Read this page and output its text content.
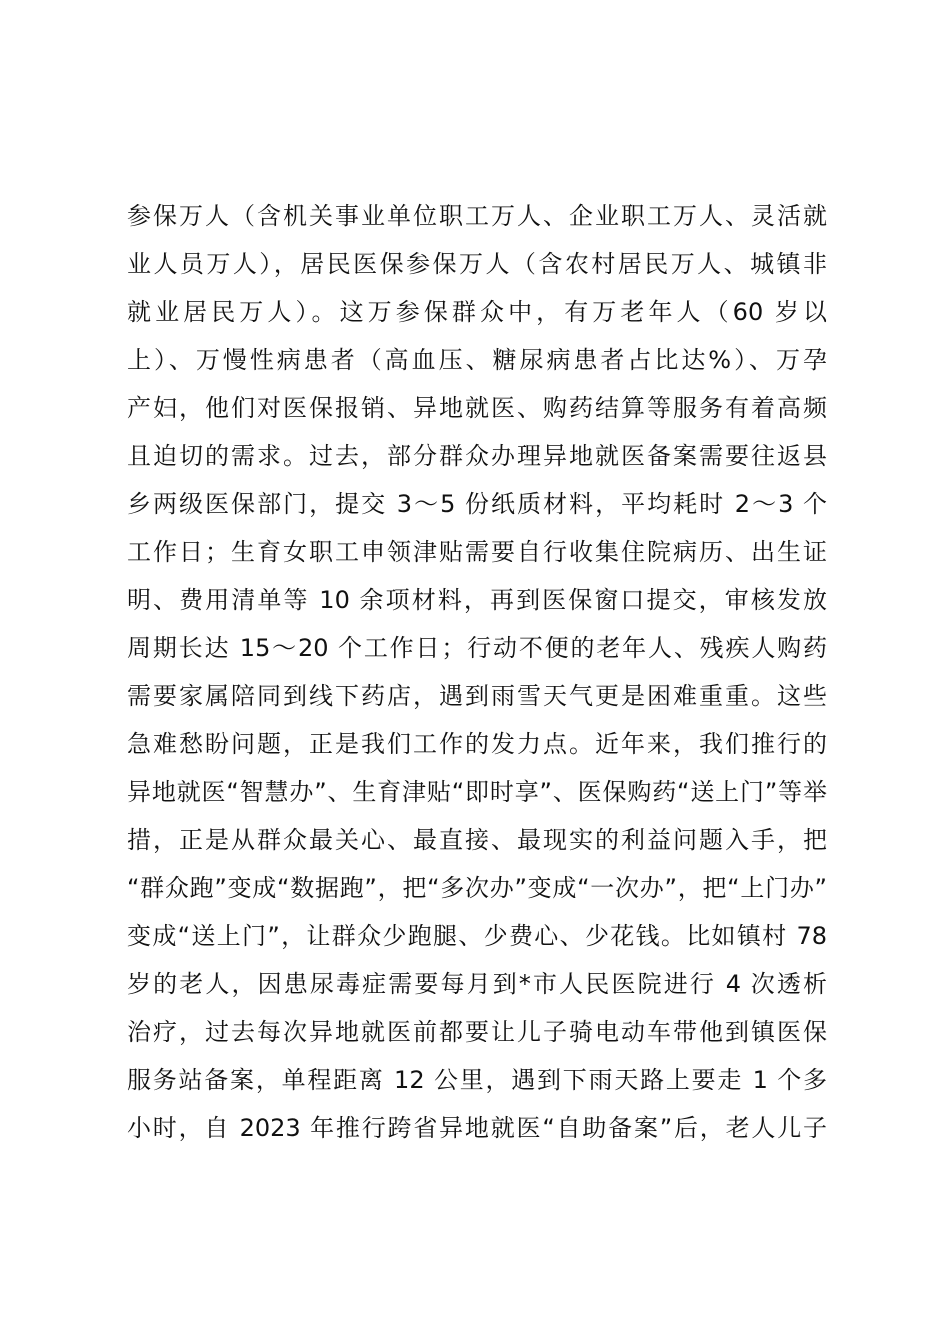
参保万人（含机关事业单位职工万人、企业职工万人、灵活就
业人员万人），居民医保参保万人（含农村居民万人、城镇非
就业居民万人）。这万参保群众中，有万老年人（60 岁以
上）、万慢性病患者（高血压、糖尿病患者占比达%）、万孕
产妇，他们对医保报销、异地就医、购药结算等服务有着高频
且迫切的需求。过去，部分群众办理异地就医备案需要往返县
乡两级医保部门，提交 3～5 份纸质材料，平均耗时 2～3 个
工作日；生育女职工申领津贴需要自行收集住院病历、出生证
明、费用清单等 10 余项材料，再到医保窗口提交，审核发放
周期长达 15～20 个工作日；行动不便的老年人、残疾人购药
需要家属陪同到线下药店，遇到雨雪天气更是困难重重。这些
急难愁盼问题，正是我们工作的发力点。近年来，我们推行的
异地就医“智慧办”、生育津贴“即时享”、医保购药“送上门”等举
措，正是从群众最关心、最直接、最现实的利益问题入手，把
“群众跑”变成“数据跑”，把“多次办”变成“一次办”，把“上门办”
变成“送上门”，让群众少跑腿、少费心、少花钱。比如镇村 78
岁的老人，因患尿毒症需要每月到*市人民医院进行 4 次透析
治疗，过去每次异地就医前都要让儿子骑电动车带他到镇医保
服务站备案，单程距离 12 公里，遇到下雨天路上要走 1 个多
小时，自 2023 年推行跨省异地就医“自助备案”后，老人儿子
